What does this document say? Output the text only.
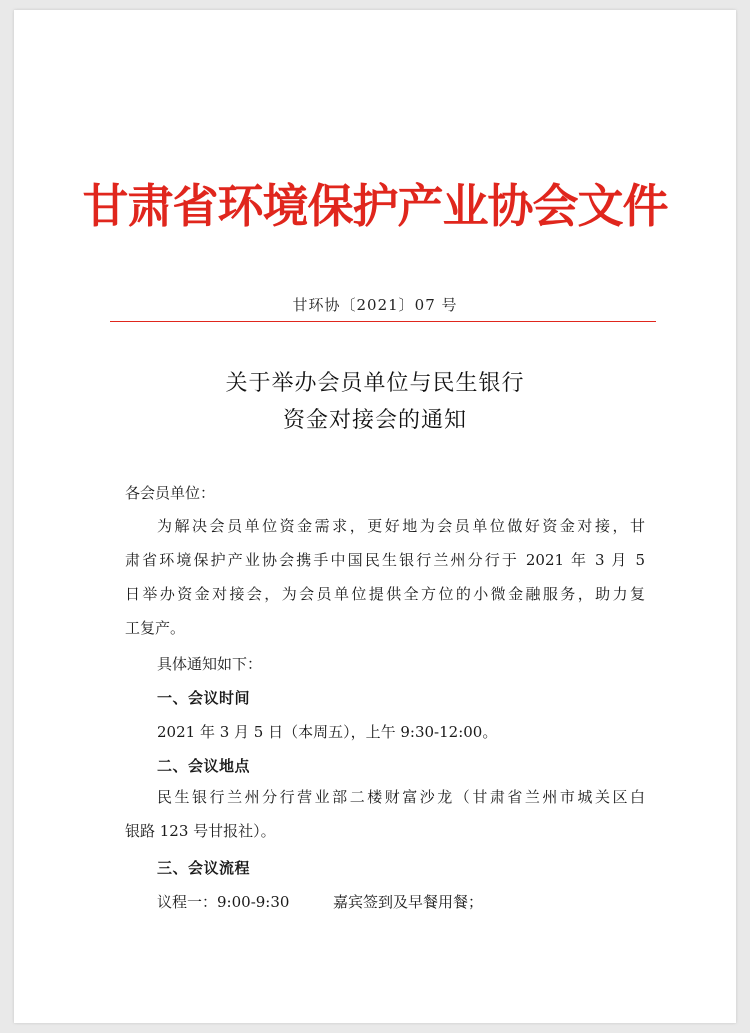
甘肃省环境保护产业协会文件
甘环协〔2021〕07 号
关于举办会员单位与民生银行
资金对接会的通知
各会员单位：

为解决会员单位资金需求，更好地为会员单位做好资金对接，甘

肃省环境保护产业协会携手中国民生银行兰州分行于 2021 年 3 月 5

日举办资金对接会，为会员单位提供全方位的小微金融服务，助力复

工复产。

具体通知如下：
一、会议时间
2021 年 3 月 5 日（本周五），上午 9:30-12:00。
二、会议地点

民生银行兰州分行营业部二楼财富沙龙（甘肃省兰州市城关区白

银路 123 号甘报社）。

三、会议流程
议程一：9:00-9:30	嘉宾签到及早餐用餐；
